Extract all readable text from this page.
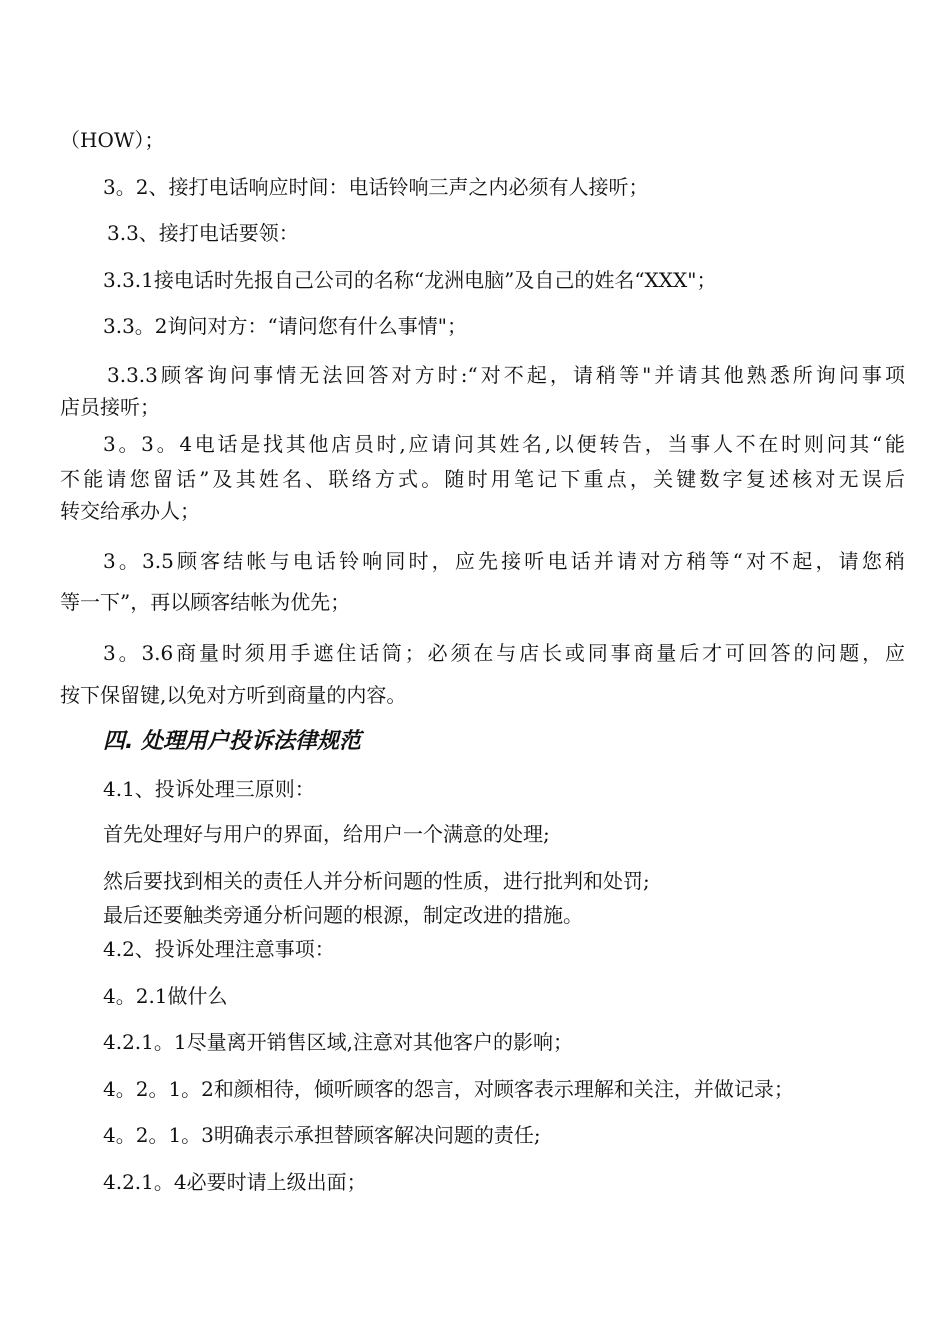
（HOW）；

3。2、接打电话响应时间：电话铃响三声之内必须有人接听；

3.3、接打电话要领：

3.3.1接电话时先报自己公司的名称“龙洲电脑”及自己的姓名“XXX"；

3.3。2询问对方：“请问您有什么事情"；

3.3.3顾客询问事情无法回答对方时:“对不起，请稍等"并请其他熟悉所询问事项

店员接听；

3。3。4电话是找其他店员时,应请问其姓名,以便转告，当事人不在时则问其“能

不能请您留话”及其姓名、联络方式。随时用笔记下重点，关键数字复述核对无误后

转交给承办人；

3。3.5顾客结帐与电话铃响同时，应先接听电话并请对方稍等“对不起，请您稍

等一下”，再以顾客结帐为优先；

3。3.6商量时须用手遮住话筒；必须在与店长或同事商量后才可回答的问题，应

按下保留键,以免对方听到商量的内容。

四. 处理用户投诉法律规范

4.1、投诉处理三原则：

首先处理好与用户的界面，给用户一个满意的处理;

然后要找到相关的责任人并分析问题的性质，进行批判和处罚;

最后还要触类旁通分析问题的根源，制定改进的措施。

4.2、投诉处理注意事项：

4。2.1做什么

4.2.1。1尽量离开销售区域,注意对其他客户的影响；

4。2。1。2和颜相待，倾听顾客的怨言，对顾客表示理解和关注，并做记录；

4。2。1。3明确表示承担替顾客解决问题的责任;

4.2.1。4必要时请上级出面；
